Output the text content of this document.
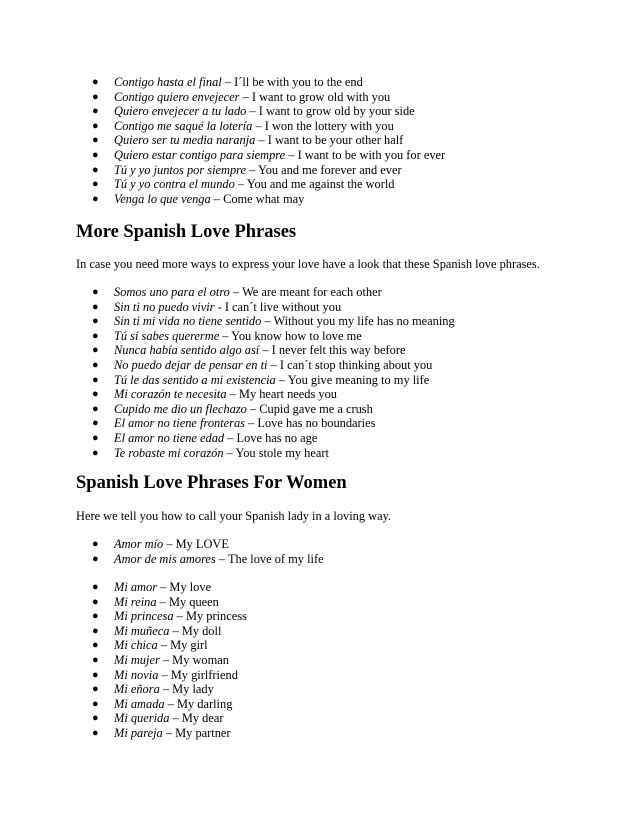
● Contigo hasta el final – I´ll be with you to the end
● Contigo quiero envejecer – I want to grow old with you
● Quiero envejecer a tu lado – I want to grow old by your side
● Contigo me saqué la lotería – I won the lottery with you
● Quiero ser tu media naranja – I want to be your other half
● Quiero estar contigo para siempre – I want to be with you for ever
● Tú y yo juntos por siempre – You and me forever and ever
● Tú y yo contra el mundo – You and me against the world
● Venga lo que venga – Come what may
More Spanish Love Phrases

In case you need more ways to express your love have a look that these Spanish love phrases.

● Somos uno para el otro – We are meant for each other
● Sin ti no puedo vivir - I can´t live without you
● Sin ti mi vida no tiene sentido – Without you my life has no meaning
● Tú sí sabes quererme – You know how to love me
● Nunca había sentido algo así – I never felt this way before
● No puedo dejar de pensar en ti – I can´t stop thinking about you
● Tú le das sentido a mi existencia – You give meaning to my life
● Mi corazón te necesita – My heart needs you
● Cupido me dio un flechazo – Cupid gave me a crush
● El amor no tiene fronteras – Love has no boundaries
● El amor no tiene edad – Love has no age
● Te robaste mi corazón – You stole my heart
Spanish Love Phrases For Women

Here we tell you how to call your Spanish lady in a loving way.

● Amor mío – My LOVE
● Amor de mis amores – The love of my life
● Mi amor – My love
● Mi reina – My queen
● Mi princesa – My princess
● Mi muñeca – My doll
● Mi chica – My girl
● Mi mujer – My woman
● Mi novia – My girlfriend
● Mi eñora – My lady
● Mi amada – My darling
● Mi querida – My dear
● Mi pareja – My partner
